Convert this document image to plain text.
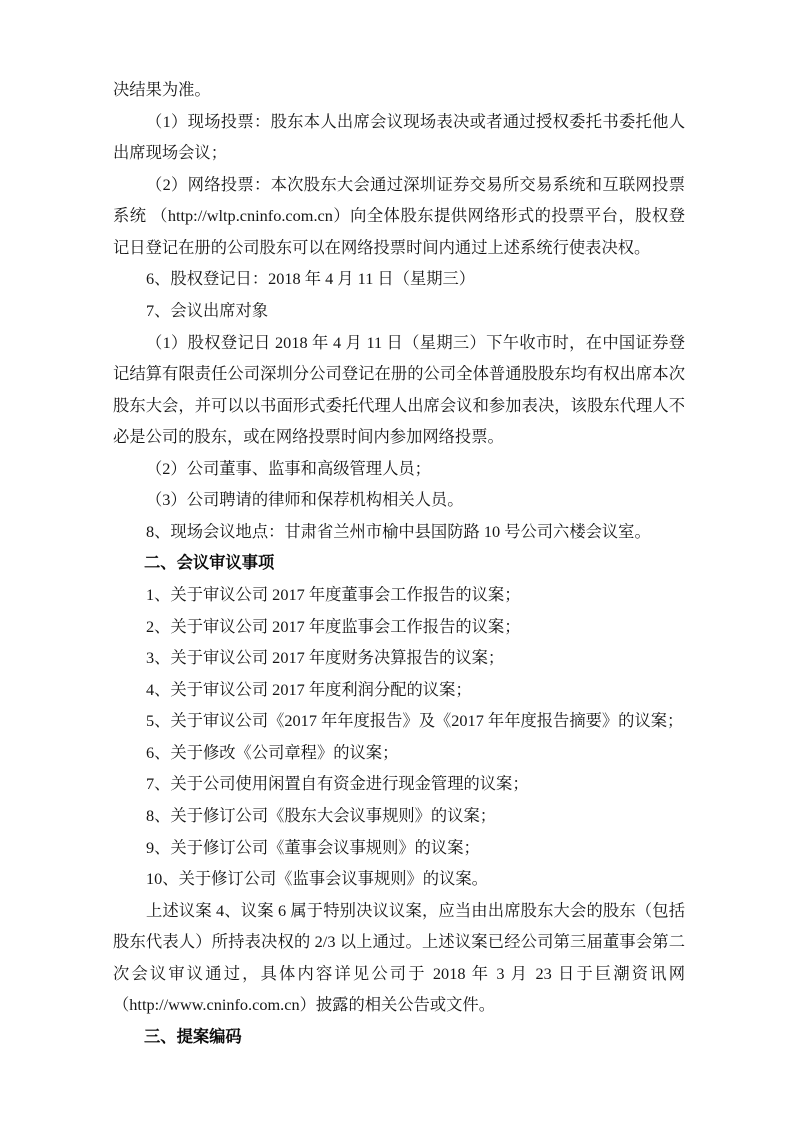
决结果为准。

（1）现场投票：股东本人出席会议现场表决或者通过授权委托书委托他人出席现场会议；

（2）网络投票：本次股东大会通过深圳证券交易所交易系统和互联网投票系统 （http://wltp.cninfo.com.cn）向全体股东提供网络形式的投票平台，股权登记日登记在册的公司股东可以在网络投票时间内通过上述系统行使表决权。

6、股权登记日：2018 年 4 月 11 日（星期三）

7、会议出席对象

（1）股权登记日 2018 年 4 月 11 日（星期三）下午收市时，在中国证券登记结算有限责任公司深圳分公司登记在册的公司全体普通股股东均有权出席本次股东大会，并可以以书面形式委托代理人出席会议和参加表决，该股东代理人不必是公司的股东，或在网络投票时间内参加网络投票。

（2）公司董事、监事和高级管理人员；

（3）公司聘请的律师和保荐机构相关人员。

8、现场会议地点：甘肃省兰州市榆中县国防路 10 号公司六楼会议室。

二、会议审议事项

1、关于审议公司 2017 年度董事会工作报告的议案；

2、关于审议公司 2017 年度监事会工作报告的议案；

3、关于审议公司 2017 年度财务决算报告的议案；

4、关于审议公司 2017 年度利润分配的议案；

5、关于审议公司《2017 年年度报告》及《2017 年年度报告摘要》的议案；

6、关于修改《公司章程》的议案；

7、关于公司使用闲置自有资金进行现金管理的议案；

8、关于修订公司《股东大会议事规则》的议案；

9、关于修订公司《董事会议事规则》的议案；

10、关于修订公司《监事会议事规则》的议案。

上述议案 4、议案 6 属于特别决议议案，应当由出席股东大会的股东（包括股东代表人）所持表决权的 2/3 以上通过。上述议案已经公司第三届董事会第二次会议审议通过，具体内容详见公司于 2018 年 3 月 23 日于巨潮资讯网（http://www.cninfo.com.cn）披露的相关公告或文件。

三、提案编码
